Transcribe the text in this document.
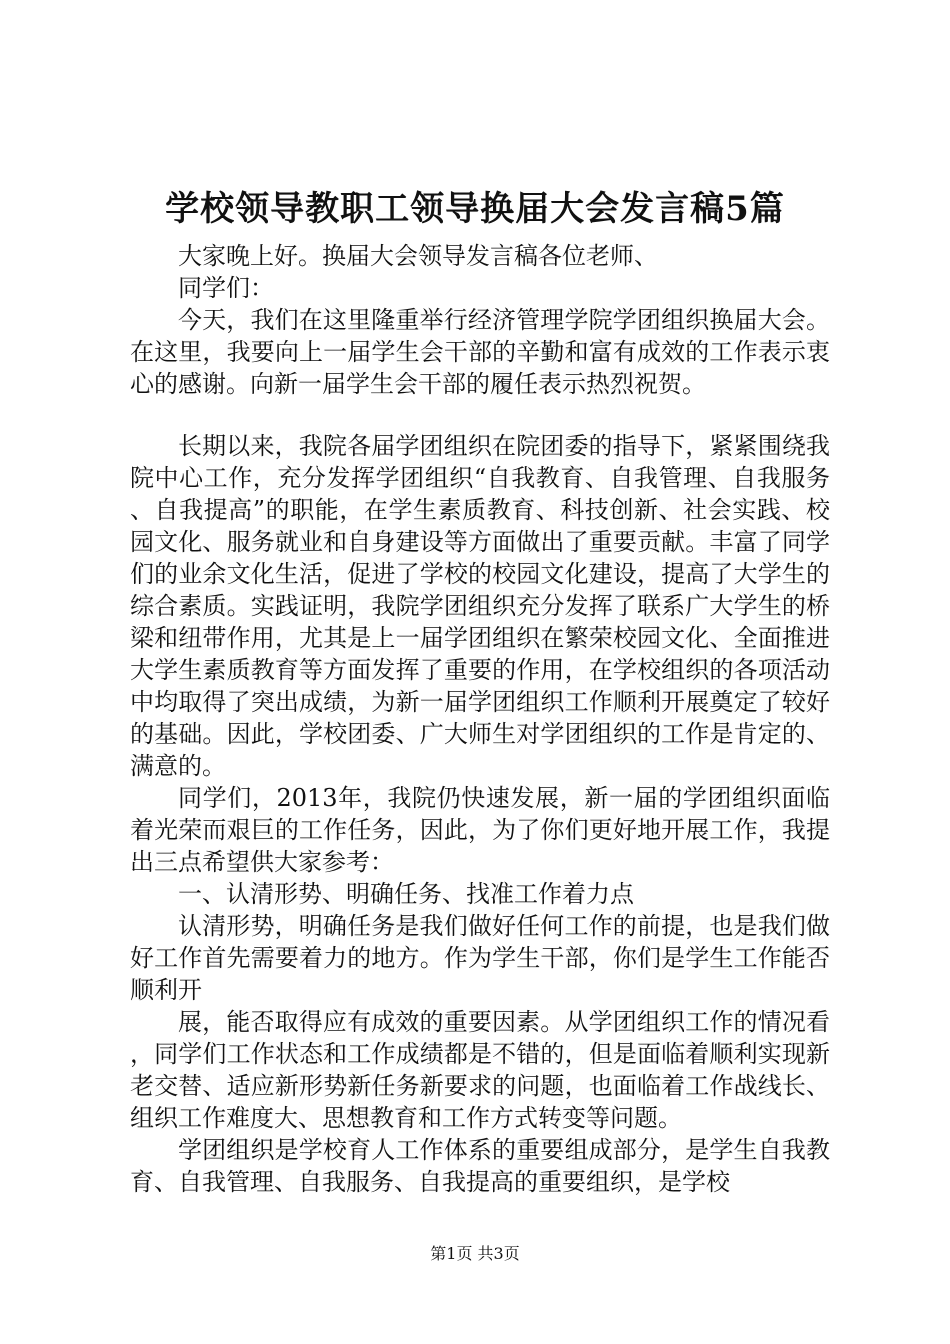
学校领导教职工领导换届大会发言稿5篇

大家晚上好。换届大会领导发言稿各位老师、

同学们：

今天，我们在这里隆重举行经济管理学院学团组织换届大会。在这里，我要向上一届学生会干部的辛勤和富有成效的工作表示衷心的感谢。向新一届学生会干部的履任表示热烈祝贺。

长期以来，我院各届学团组织在院团委的指导下，紧紧围绕我院中心工作，充分发挥学团组织“自我教育、自我管理、自我服务、自我提高”的职能，在学生素质教育、科技创新、社会实践、校园文化、服务就业和自身建设等方面做出了重要贡献。丰富了同学们的业余文化生活，促进了学校的校园文化建设，提高了大学生的综合素质。实践证明，我院学团组织充分发挥了联系广大学生的桥梁和纽带作用，尤其是上一届学团组织在繁荣校园文化、全面推进大学生素质教育等方面发挥了重要的作用，在学校组织的各项活动中均取得了突出成绩，为新一届学团组织工作顺利开展奠定了较好的基础。因此，学校团委、广大师生对学团组织的工作是肯定的、满意的。

同学们，2013年，我院仍快速发展，新一届的学团组织面临着光荣而艰巨的工作任务，因此，为了你们更好地开展工作，我提出三点希望供大家参考：

一、认清形势、明确任务、找准工作着力点

认清形势，明确任务是我们做好任何工作的前提，也是我们做好工作首先需要着力的地方。作为学生干部，你们是学生工作能否顺利开

展，能否取得应有成效的重要因素。从学团组织工作的情况看，同学们工作状态和工作成绩都是不错的，但是面临着顺利实现新老交替、适应新形势新任务新要求的问题，也面临着工作战线长、组织工作难度大、思想教育和工作方式转变等问题。

学团组织是学校育人工作体系的重要组成部分，是学生自我教育、自我管理、自我服务、自我提高的重要组织，是学校

第1页 共3页
